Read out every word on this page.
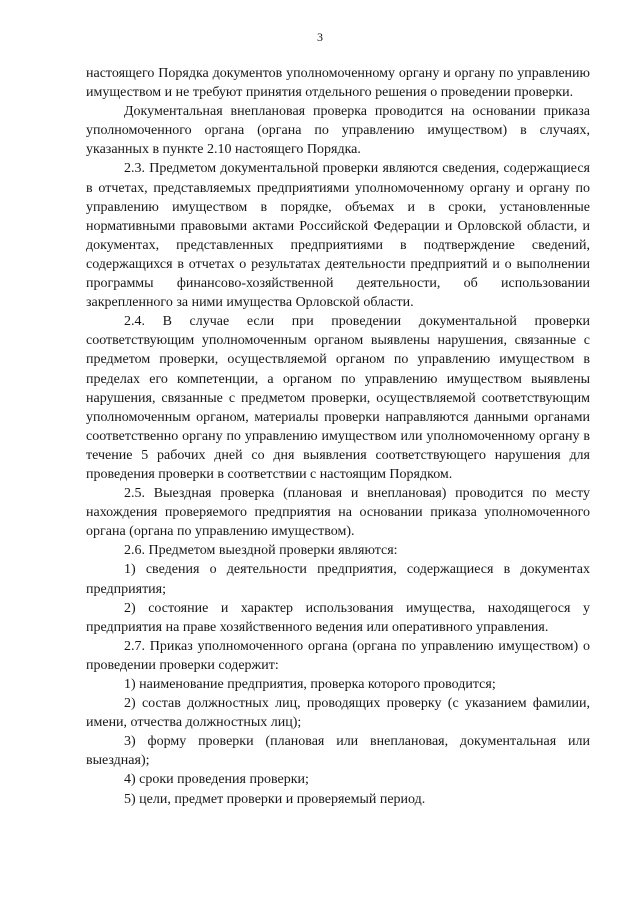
3

настоящего Порядка документов уполномоченному органу и органу по управлению имуществом и не требуют принятия отдельного решения о проведении проверки.

Документальная внеплановая проверка проводится на основании приказа уполномоченного органа (органа по управлению имуществом) в случаях, указанных в пункте 2.10 настоящего Порядка.

2.3. Предметом документальной проверки являются сведения, содержащиеся в отчетах, представляемых предприятиями уполномоченному органу и органу по управлению имуществом в порядке, объемах и в сроки, установленные нормативными правовыми актами Российской Федерации и Орловской области, и документах, представленных предприятиями в подтверждение сведений, содержащихся в отчетах о результатах деятельности предприятий и о выполнении программы финансово-хозяйственной деятельности, об использовании закрепленного за ними имущества Орловской области.

2.4. В случае если при проведении документальной проверки соответствующим уполномоченным органом выявлены нарушения, связанные с предметом проверки, осуществляемой органом по управлению имуществом в пределах его компетенции, а органом по управлению имуществом выявлены нарушения, связанные с предметом проверки, осуществляемой соответствующим уполномоченным органом, материалы проверки направляются данными органами соответственно органу по управлению имуществом или уполномоченному органу в течение 5 рабочих дней со дня выявления соответствующего нарушения для проведения проверки в соответствии с настоящим Порядком.

2.5. Выездная проверка (плановая и внеплановая) проводится по месту нахождения проверяемого предприятия на основании приказа уполномоченного органа (органа по управлению имуществом).

2.6. Предметом выездной проверки являются:

1) сведения о деятельности предприятия, содержащиеся в документах предприятия;

2) состояние и характер использования имущества, находящегося у предприятия на праве хозяйственного ведения или оперативного управления.

2.7. Приказ уполномоченного органа (органа по управлению имуществом) о проведении проверки содержит:

1) наименование предприятия, проверка которого проводится;

2) состав должностных лиц, проводящих проверку (с указанием фамилии, имени, отчества должностных лиц);

3) форму проверки (плановая или внеплановая, документальная или выездная);

4) сроки проведения проверки;

5) цели, предмет проверки и проверяемый период.
